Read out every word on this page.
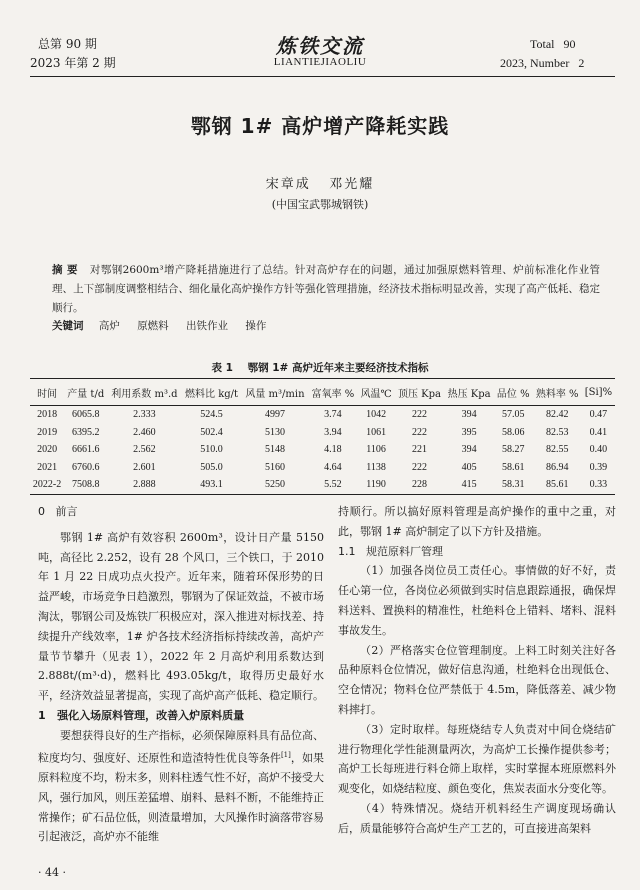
总第 90 期
2023 年第 2 期
炼铁交流
LIANTIEJIAOLIU
Total   90
2023, Number   2
鄂钢 1# 高炉增产降耗实践
宋章成   邓光耀
(中国宝武鄂城钢铁)
摘 要 对鄂钢2600m³增产降耗措施进行了总结。针对高炉存在的问题，通过加强原燃料管理、炉前标准化作业管理、上下部制度调整相结合、细化量化高炉操作方针等强化管理措施，经济技术指标明显改善，实现了高产低耗、稳定顺行。
关键词 高炉 原燃料 出铁作业 操作
表 1    鄂钢 1# 高炉近年来主要经济技术指标
时间	产量 t/d	利用系数 m³.d	燃料比 kg/t	风量 m³/min	富氧率 %	风温℃	顶压 Kpa	热压 Kpa	品位 %	熟料率 %	[Si]%
2018	6065.8	2.333	524.5	4997	3.74	1042	222	394	57.05	82.42	0.47
2019	6395.2	2.460	502.4	5130	3.94	1061	222	395	58.06	82.53	0.41
2020	6661.6	2.562	510.0	5148	4.18	1106	221	394	58.27	82.55	0.40
2021	6760.6	2.601	505.0	5160	4.64	1138	222	405	58.61	86.94	0.39
2022-2	7508.8	2.888	493.1	5250	5.52	1190	228	415	58.31	85.61	0.33

0   前言

鄂钢 1# 高炉有效容积 2600m³，设计日产量 5150 吨，高径比 2.252，设有 28 个风口，三个铁口，于 2010 年 1 月 22 日成功点火投产。近年来，随着环保形势的日益严峻，市场竞争日趋激烈，鄂钢为了保证效益，不被市场淘汰，鄂钢公司及炼铁厂积极应对，深入推进对标找差、持续提升产线效率，1# 炉各技术经济指标持续改善，高炉产量节节攀升（见表 1），2022 年 2 月高炉利用系数达到 2.888t/(m³·d)，燃料比 493.05kg/t，取得历史最好水平，经济效益显著提高，实现了高炉高产低耗、稳定顺行。

1   强化入场原料管理，改善入炉原料质量

要想获得良好的生产指标，必须保障原料具有品位高、粒度均匀、强度好、还原性和造渣特性优良等条件[1]，如果原料粒度不均，粉末多，则料柱透气性不好，高炉不接受大风，强行加风，则压差猛增、崩料、悬料不断，不能维持正常操作；矿石品位低，则渣量增加，大风操作时滴落带容易引起液泛，高炉亦不能维

持顺行。所以搞好原料管理是高炉操作的重中之重，对此，鄂钢 1# 高炉制定了以下方针及措施。

1.1   规范原料厂管理

（1）加强各岗位员工责任心。事情做的好不好，责任心第一位，各岗位必须做到实时信息跟踪通报，确保焊料送料、置换料的精准性，杜绝料仓上错料、堵料、混料事故发生。

（2）严格落实仓位管理制度。上料工时刻关注好各品种原料仓位情况，做好信息沟通，杜绝料仓出现低仓、空仓情况；物料仓位严禁低于 4.5m，降低落差、减少物料摔打。

（3）定时取样。每班烧结专人负责对中间仓烧结矿进行物理化学性能测量两次，为高炉工长操作提供参考；高炉工长每班进行料仓筛上取样，实时掌握本班原燃料外观变化，如烧结粒度、颜色变化，焦炭表面水分变化等。

（4）特殊情况。烧结开机料经生产调度现场确认后，质量能够符合高炉生产工艺的，可直接进高架料

· 44 ·
